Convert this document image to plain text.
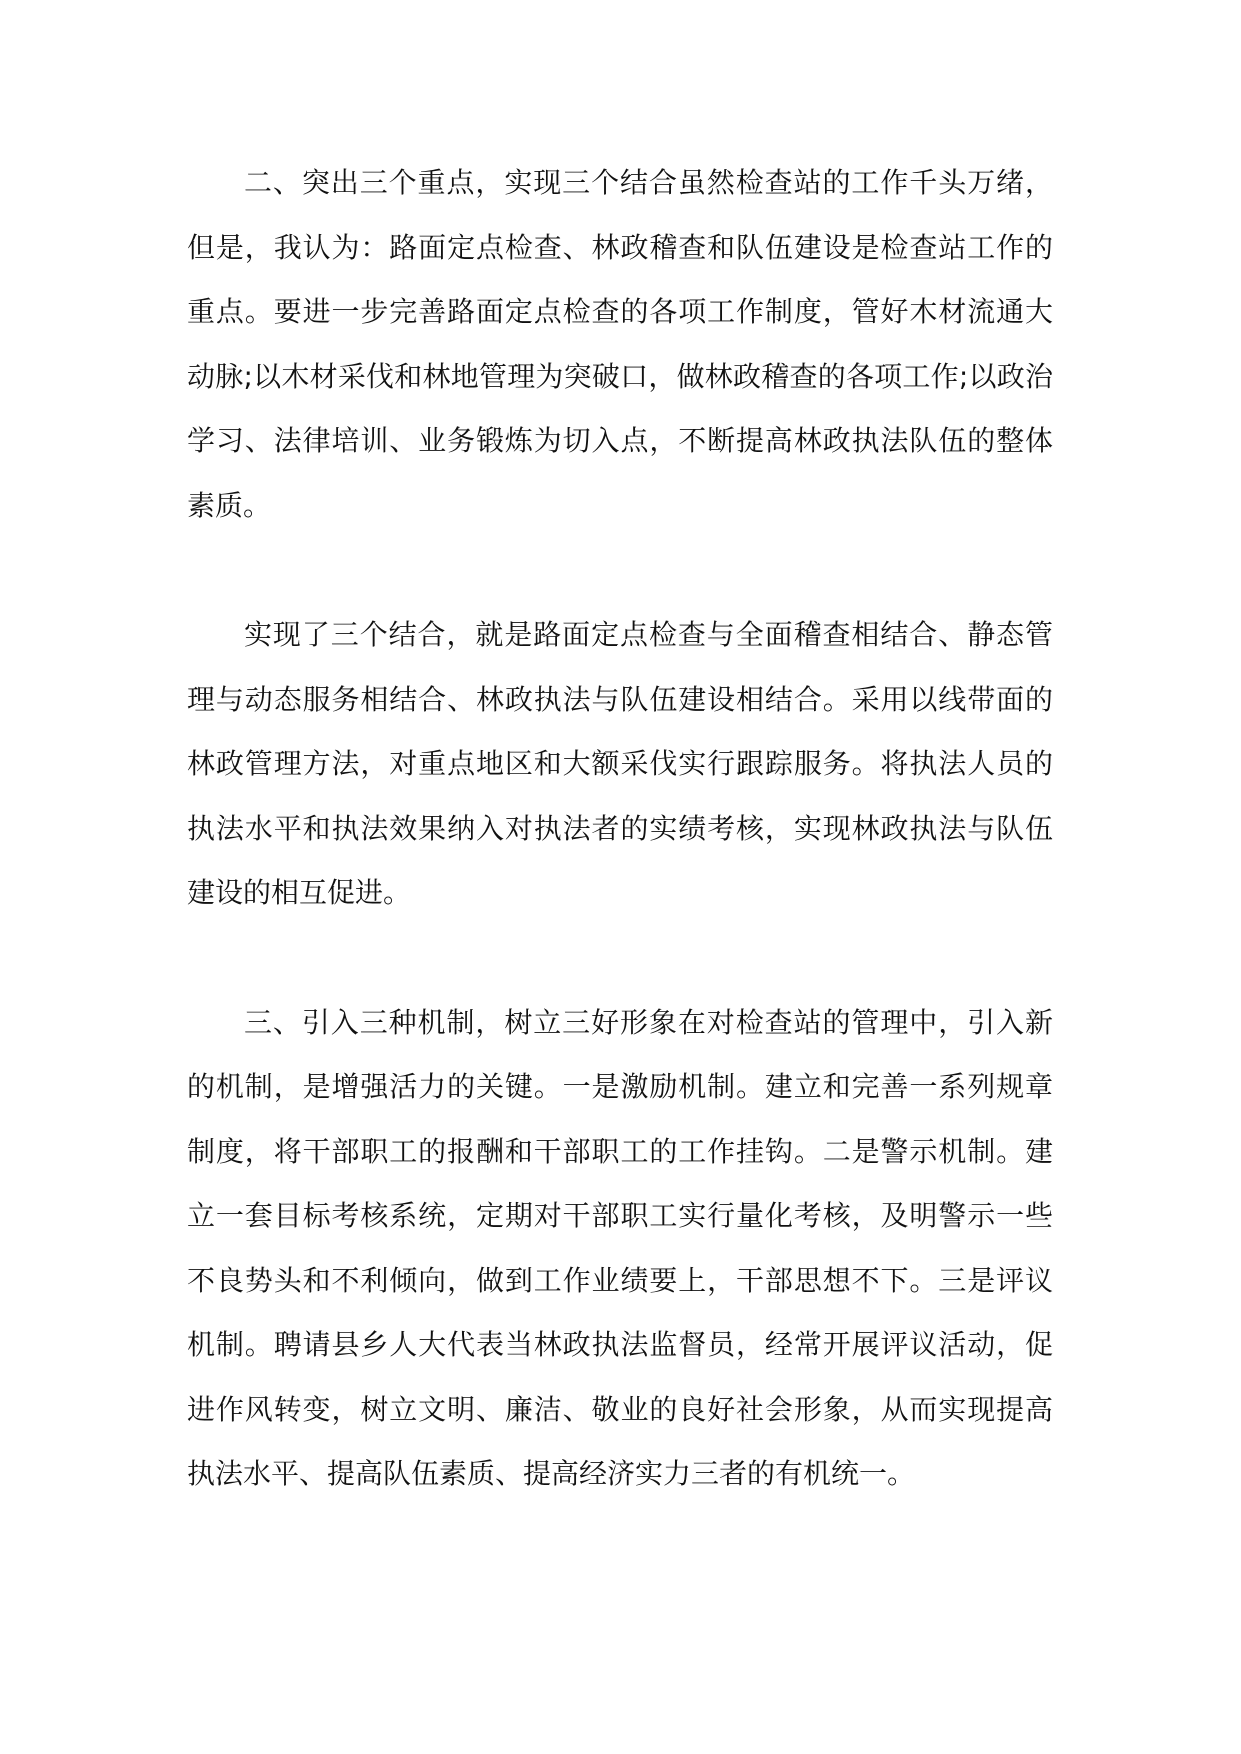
二、突出三个重点，实现三个结合虽然检查站的工作千头万绪，但是，我认为：路面定点检查、林政稽查和队伍建设是检查站工作的重点。要进一步完善路面定点检查的各项工作制度，管好木材流通大动脉;以木材采伐和林地管理为突破口，做林政稽查的各项工作;以政治学习、法律培训、业务锻炼为切入点，不断提高林政执法队伍的整体素质。

实现了三个结合，就是路面定点检查与全面稽查相结合、静态管理与动态服务相结合、林政执法与队伍建设相结合。采用以线带面的林政管理方法，对重点地区和大额采伐实行跟踪服务。将执法人员的执法水平和执法效果纳入对执法者的实绩考核，实现林政执法与队伍建设的相互促进。

三、引入三种机制，树立三好形象在对检查站的管理中，引入新的机制，是增强活力的关键。一是激励机制。建立和完善一系列规章制度，将干部职工的报酬和干部职工的工作挂钩。二是警示机制。建立一套目标考核系统，定期对干部职工实行量化考核，及明警示一些不良势头和不利倾向，做到工作业绩要上，干部思想不下。三是评议机制。聘请县乡人大代表当林政执法监督员，经常开展评议活动，促进作风转变，树立文明、廉洁、敬业的良好社会形象，从而实现提高执法水平、提高队伍素质、提高经济实力三者的有机统一。
